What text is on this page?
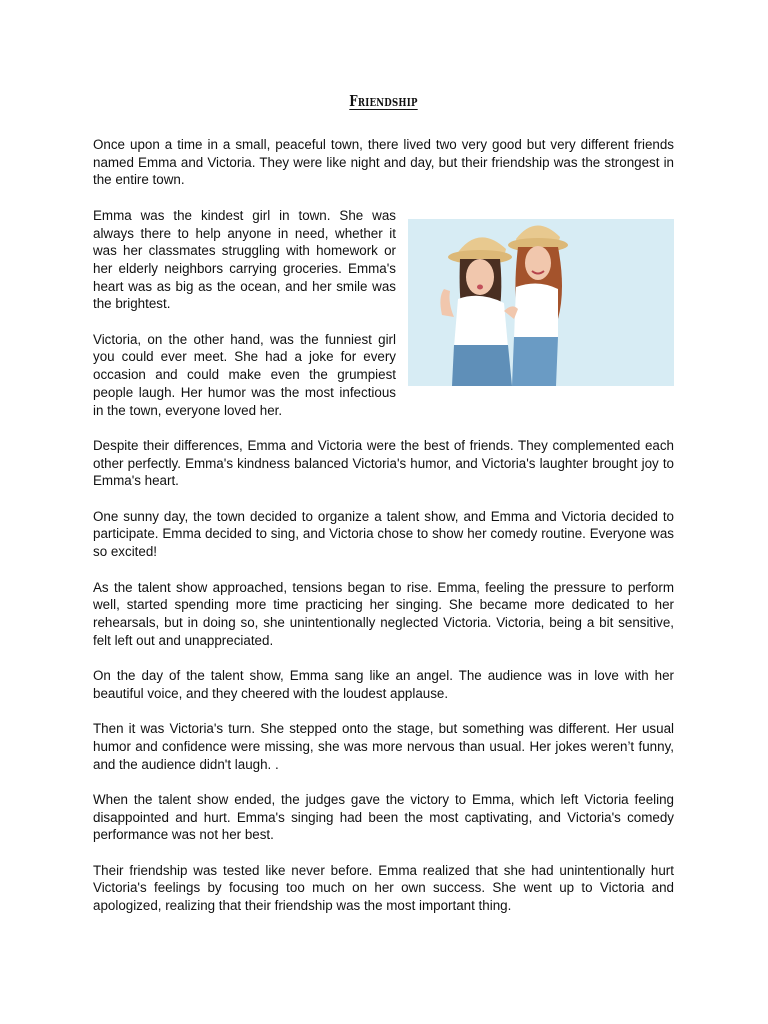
Friendship

Once upon a time in a small, peaceful town, there lived two very good but very different friends named Emma and Victoria. They were like night and day, but their friendship was the strongest in the entire town.

Emma was the kindest girl in town. She was always there to help anyone in need, whether it was her classmates struggling with homework or her elderly neighbors carrying groceries. Emma's heart was as big as the ocean, and her smile was the brightest.

Victoria, on the other hand, was the funniest girl you could ever meet. She had a joke for every occasion and could make even the grumpiest people laugh. Her humor was the most infectious in the town, everyone loved her.

Despite their differences, Emma and Victoria were the best of friends. They complemented each other perfectly. Emma's kindness balanced Victoria's humor, and Victoria's laughter brought joy to Emma's heart.

One sunny day, the town decided to organize a talent show, and Emma and Victoria decided to participate. Emma decided to sing, and Victoria chose to show her comedy routine. Everyone was so excited!

As the talent show approached, tensions began to rise. Emma, feeling the pressure to perform well, started spending more time practicing her singing. She became more dedicated to her rehearsals, but in doing so, she unintentionally neglected Victoria. Victoria, being a bit sensitive, felt left out and unappreciated.

On the day of the talent show, Emma sang like an angel. The audience was in love with her beautiful voice, and they cheered with the loudest applause.

Then it was Victoria's turn. She stepped onto the stage, but something was different. Her usual humor and confidence were missing, she was more nervous than usual. Her jokes weren’t funny, and the audience didn't laugh. .

When the talent show ended, the judges gave the victory to Emma, which left Victoria feeling disappointed and hurt. Emma's singing had been the most captivating, and Victoria's comedy performance was not her best.

Their friendship was tested like never before. Emma realized that she had unintentionally hurt Victoria's feelings by focusing too much on her own success. She went up to Victoria and apologized, realizing that their friendship was the most important thing.
